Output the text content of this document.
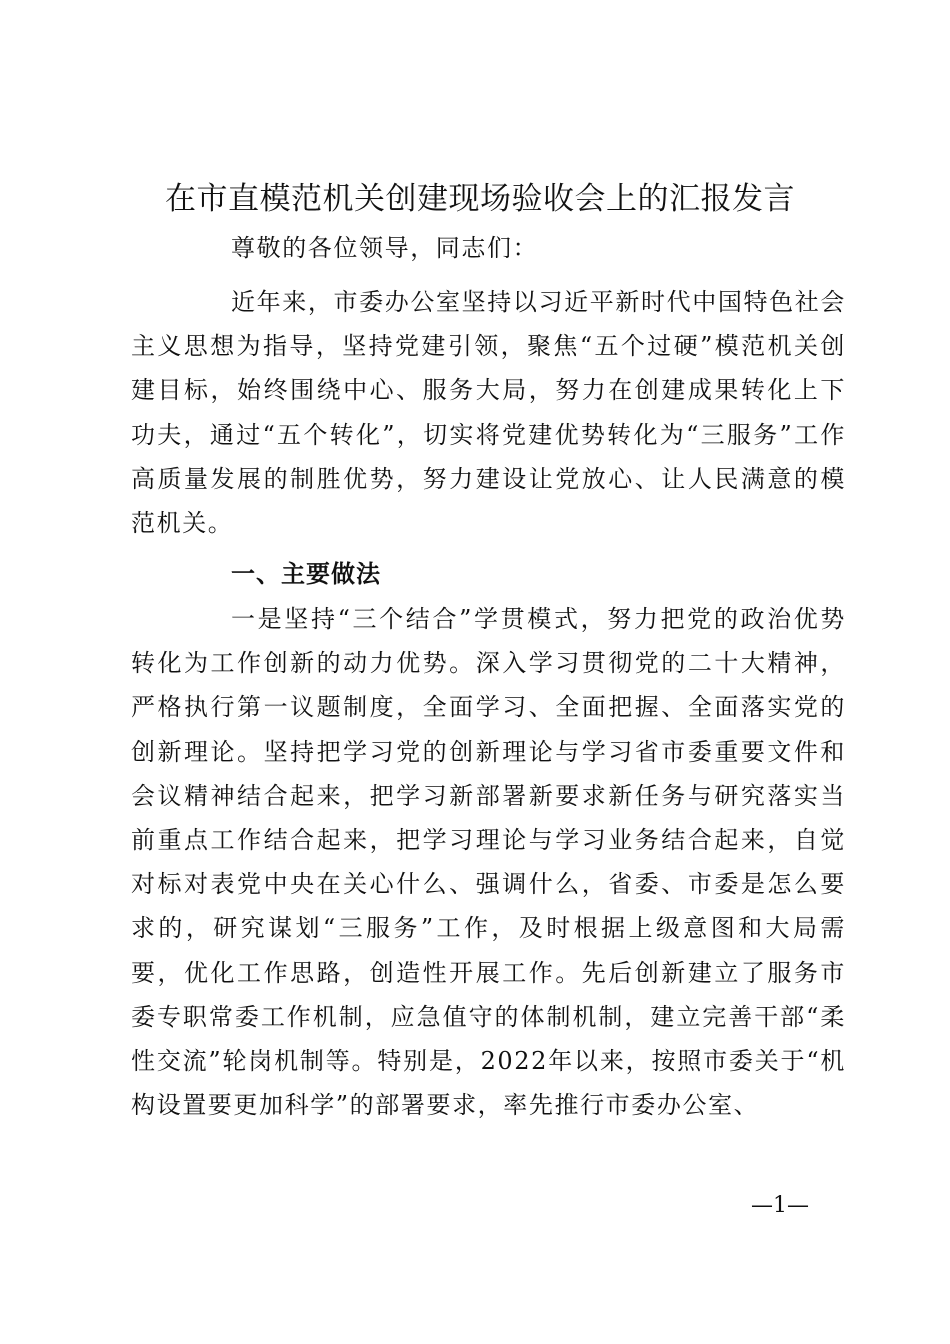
在市直模范机关创建现场验收会上的汇报发言
尊敬的各位领导，同志们：
近年来，市委办公室坚持以习近平新时代中国特色社会主义思想为指导，坚持党建引领，聚焦“五个过硬”模范机关创建目标，始终围绕中心、服务大局，努力在创建成果转化上下功夫，通过“五个转化”，切实将党建优势转化为“三服务”工作高质量发展的制胜优势，努力建设让党放心、让人民满意的模范机关。
一、主要做法
一是坚持“三个结合”学贯模式，努力把党的政治优势转化为工作创新的动力优势。深入学习贯彻党的二十大精神，严格执行第一议题制度，全面学习、全面把握、全面落实党的创新理论。坚持把学习党的创新理论与学习省市委重要文件和会议精神结合起来，把学习新部署新要求新任务与研究落实当前重点工作结合起来，把学习理论与学习业务结合起来，自觉对标对表党中央在关心什么、强调什么，省委、市委是怎么要求的，研究谋划“三服务”工作，及时根据上级意图和大局需要，优化工作思路，创造性开展工作。先后创新建立了服务市委专职常委工作机制，应急值守的体制机制，建立完善干部“柔性交流”轮岗机制等。特别是，2022年以来，按照市委关于“机构设置要更加科学”的部署要求，率先推行市委办公室、
—1—
